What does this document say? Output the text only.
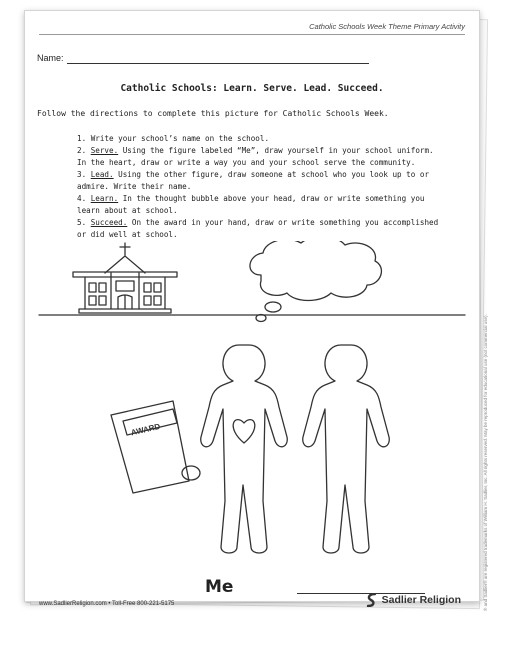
Catholic Schools Week Theme Primary Activity
Name:
Catholic Schools: Learn. Serve. Lead. Succeed.
Follow the directions to complete this picture for Catholic Schools Week.
1. Write your school’s name on the school.
2. Serve. Using the figure labeled “Me”, draw yourself in your school uniform.
In the heart, draw or write a way you and your school serve the community.
3. Lead. Using the other figure, draw someone at school who you look up to or
admire. Write their name.
4. Learn. In the thought bubble above your head, draw or write something you
learn about at school.
5. Succeed. On the award in your hand, draw or write something you accomplished
or did well at school.
AWARD
Me
www.SadlierReligion.com • Toll-Free 800-221-5175	Sadlier Religion	® and Sadlier® are registered trademarks of William H. Sadlier, Inc. All rights reserved. May be reproduced for educational use (not commercial use).
